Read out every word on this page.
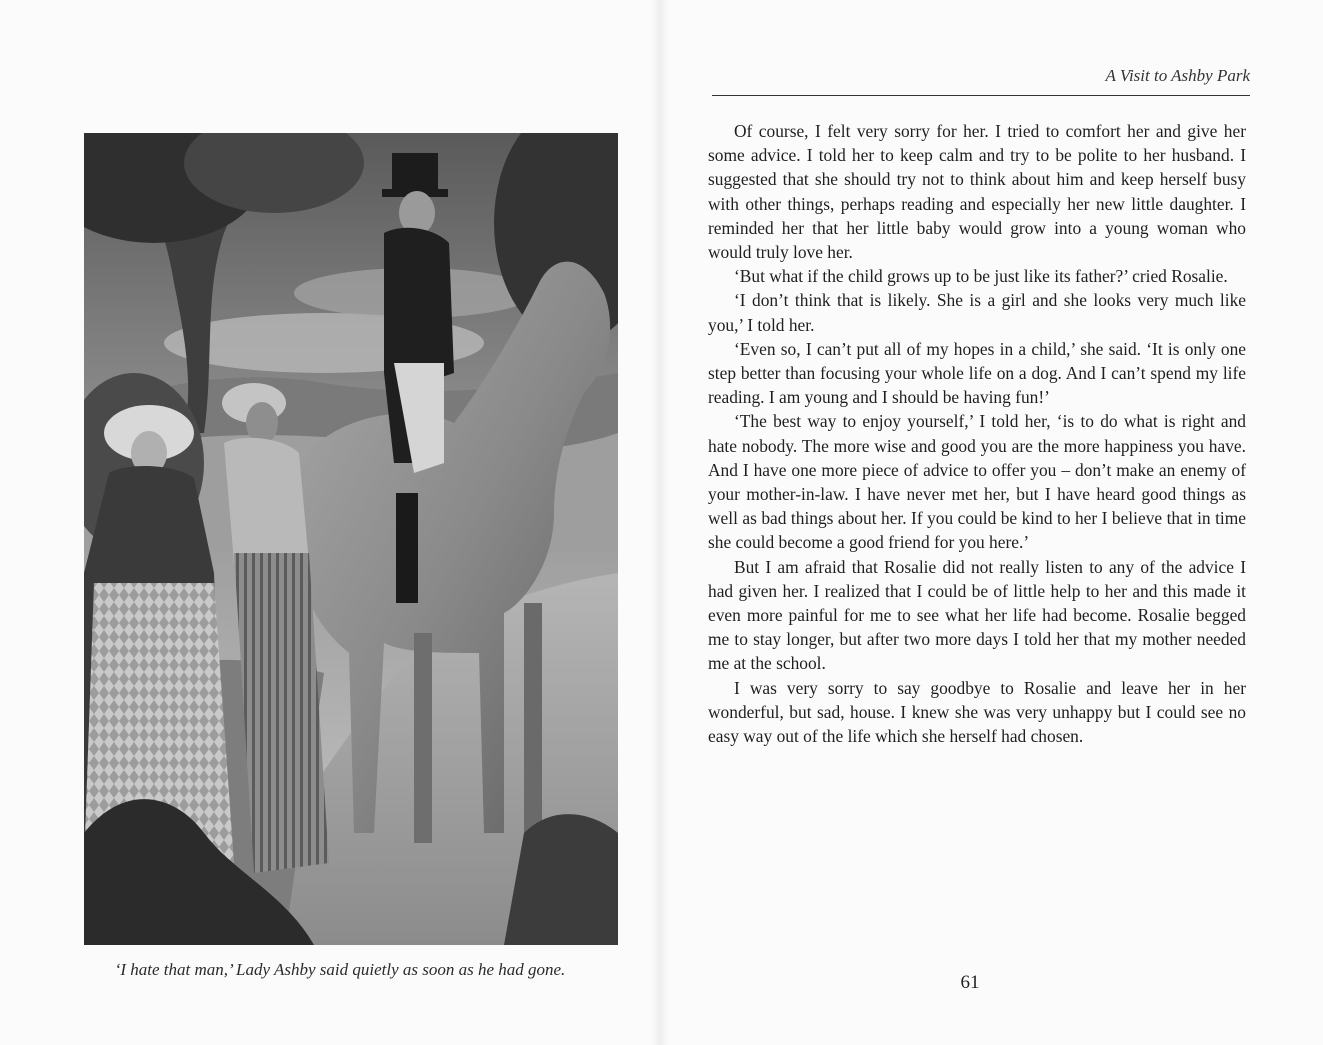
‘I hate that man,’ Lady Ashby said quietly as soon as he had gone.
A Visit to Ashby Park

Of course, I felt very sorry for her. I tried to comfort her and give her some advice. I told her to keep calm and try to be polite to her husband. I suggested that she should try not to think about him and keep herself busy with other things, perhaps reading and especially her new little daughter. I reminded her that her little baby would grow into a young woman who would truly love her.

‘But what if the child grows up to be just like its father?’ cried Rosalie.

‘I don’t think that is likely. She is a girl and she looks very much like you,’ I told her.

‘Even so, I can’t put all of my hopes in a child,’ she said. ‘It is only one step better than focusing your whole life on a dog. And I can’t spend my life reading. I am young and I should be having fun!’

‘The best way to enjoy yourself,’ I told her, ‘is to do what is right and hate nobody. The more wise and good you are the more happiness you have. And I have one more piece of advice to offer you – don’t make an enemy of your mother-in-law. I have never met her, but I have heard good things as well as bad things about her. If you could be kind to her I believe that in time she could become a good friend for you here.’

But I am afraid that Rosalie did not really listen to any of the advice I had given her. I realized that I could be of little help to her and this made it even more painful for me to see what her life had become. Rosalie begged me to stay longer, but after two more days I told her that my mother needed me at the school.

I was very sorry to say goodbye to Rosalie and leave her in her wonderful, but sad, house. I knew she was very unhappy but I could see no easy way out of the life which she herself had chosen.

61
